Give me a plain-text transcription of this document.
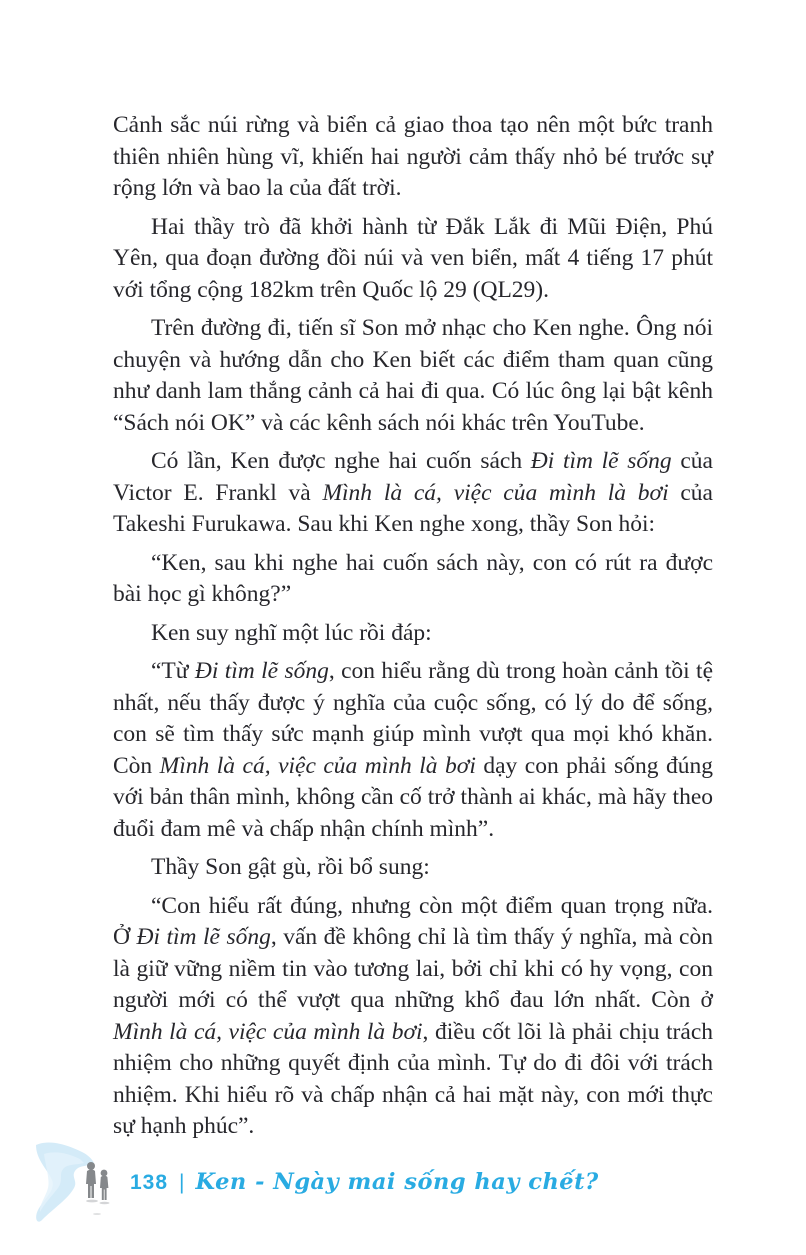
Cảnh sắc núi rừng và biển cả giao thoa tạo nên một bức tranh thiên nhiên hùng vĩ, khiến hai người cảm thấy nhỏ bé trước sự rộng lớn và bao la của đất trời.

Hai thầy trò đã khởi hành từ Đắk Lắk đi Mũi Điện, Phú Yên, qua đoạn đường đồi núi và ven biển, mất 4 tiếng 17 phút với tổng cộng 182km trên Quốc lộ 29 (QL29).

Trên đường đi, tiến sĩ Son mở nhạc cho Ken nghe. Ông nói chuyện và hướng dẫn cho Ken biết các điểm tham quan cũng như danh lam thắng cảnh cả hai đi qua. Có lúc ông lại bật kênh “Sách nói OK” và các kênh sách nói khác trên YouTube.

Có lần, Ken được nghe hai cuốn sách Đi tìm lẽ sống của Victor E. Frankl và Mình là cá, việc của mình là bơi của Takeshi Furukawa. Sau khi Ken nghe xong, thầy Son hỏi:

“Ken, sau khi nghe hai cuốn sách này, con có rút ra được bài học gì không?”

Ken suy nghĩ một lúc rồi đáp:

“Từ Đi tìm lẽ sống, con hiểu rằng dù trong hoàn cảnh tồi tệ nhất, nếu thấy được ý nghĩa của cuộc sống, có lý do để sống, con sẽ tìm thấy sức mạnh giúp mình vượt qua mọi khó khăn. Còn Mình là cá, việc của mình là bơi dạy con phải sống đúng với bản thân mình, không cần cố trở thành ai khác, mà hãy theo đuổi đam mê và chấp nhận chính mình”.

Thầy Son gật gù, rồi bổ sung:

“Con hiểu rất đúng, nhưng còn một điểm quan trọng nữa. Ở Đi tìm lẽ sống, vấn đề không chỉ là tìm thấy ý nghĩa, mà còn là giữ vững niềm tin vào tương lai, bởi chỉ khi có hy vọng, con người mới có thể vượt qua những khổ đau lớn nhất. Còn ở Mình là cá, việc của mình là bơi, điều cốt lõi là phải chịu trách nhiệm cho những quyết định của mình. Tự do đi đôi với trách nhiệm. Khi hiểu rõ và chấp nhận cả hai mặt này, con mới thực sự hạnh phúc”.

138 | Ken - Ngày mai sống hay chết?
